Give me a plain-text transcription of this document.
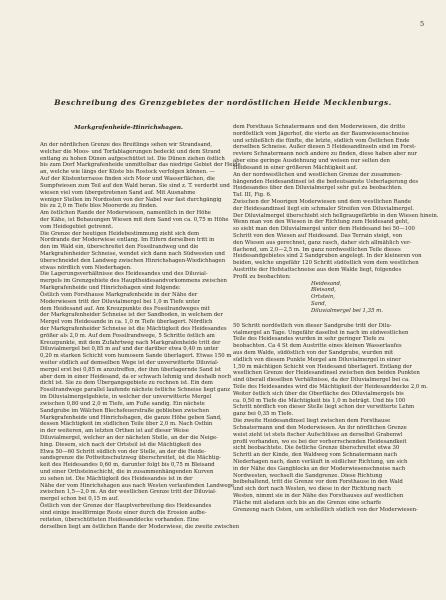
5
Beschreibung des Grenzgebietes der nordöstlichen Heide Mecklenburgs.
Markgrafenheide-Hinrichshagen.
An der nördlichen Grenze des Breitlings sehen wir Strandsand,
welcher die Moos- und Torfablagerungen bedeckt und dem Strand
entlang zu hohen Dünen aufgeschüttet ist. Die Dünen ziehen östlich
bis zum Dorf Markgrafenheide unmittelbar das niedrige Gebiet der Heide
an, welche wie längs der Küste bis Rostock verfolgen können. —
Auf der Küstenterrasse finden sich Moor und Wasserflächen, die
Sumpfwiesen zum Teil auf den Wald heran. Sie sind z. T. verderbt und
wiesen viel vom übergetretenen Sand auf. Mit Ausnahme
weniger Stellen im Nordosten von der Nabel war fast durchgängig
bis zu 2,0 m Tiefe blos Moorerde zu finden.
Am östlichen Rande der Moderwiesen, namentlich in der Höhe
der Kähe, ist Bebauungen Wiesen mit dem Sand von ca. 0,75 m Höhe
vom Heidegebiet getrennt.
Die Grenze der heutigen Heidebestimmung zieht sich dem
Nordrande der Moderwiese entlang. Im Eifern derselben tritt in
den im Wald ein, überschreitet den Fossilrandweg und die
Markgrafenheider Schneise, wendet sich dann nach Südwesten und
überschneidet den Landweg zwischen Hinrichshagen-Wiedichhagen
etwas nördlich vom Niederhagen.
Die Lagerungsverhältnisse des Heidesandes und des Diluvial-
mergels im Grenzgebiete des Hauptheidesandvorkommens zwischen
Markgrafenheide und Hinrichshagen sind folgende:
Östlich vom Forsthause Markgrafenheide in der Nähe der
Moderwiesen tritt der Diluvialmergel bei 1,0 m Tiefe unter
dem Heidesand auf. Am Kreuzpunkte des Fossilrandweges mit
der Markgrafenheider Schneise ist der Sandboden, in welchem der
Mergel vom Heidesande in ca. 1,0 m Tiefe überlagert. Nördlich
der Markgrafenheider Schneise ist die Mächtigkeit des Heidesandes
größer als 2,0 m. Auf dem Fossilrandwege, 5 Schritte östlich am
Kreuzpunkte, mit dem Zufahrtweg nach Markgrafenheide tritt der
Diluvialmergel bei 0,85 m auf und der darüber etwa 0,40 m unter
0,20 m starken Schicht vom humosem Sande überlagert. Etwas 150 m
weiter südlich auf demselben Wege ist der unverwitterte Diluvial-
mergel erst bei 0,85 m anzutreffen, der ihm überlagernde Sand ist
aber dem in einer Heidesand, da er schwach lehmig und deshalb noch
dicht ist. Sie zu dem Übergangsgebiete zu rechnen ist. Ein dem
Fossilrandwege parallel laufende nächste östliche Schneise liegt ganz
im Diluvialmergelgebiete, in welcher der unverwitterte Mergel
zwischen 0,80 und 2,0 m Tiefe, am Fuße sandig. Ein nächste
Sandgrube im Wälchen Blechsfeuerstraße geblieben zwischen
Markgrafenheide und Hinrichshagen, die ganze Höhe geben Sand,
dessen Mächtigkeit im südlichen Teile über 2,0 m. Nach Osthin
in der weiteren, am letzten Orthen ist auf dieser Weise
Diluvialmergel, welcher an der nächsten Stelle, an der die Neige-
hing. Diesem, sich nach der Ortsteil ist die Mächtigkeit des
Etwa 50—60 Schritt südlich von der Stelle, an der die Heide-
sandsgrenze die Pottwitzschutzweg überschreitet, ist die Mächtig-
keit des Heidesandes 0,60 m, darunter folgt bis 0,75 m Bleisand
und einer Orthsteinschicht, die in zusammenhängenden Kurven
zu sehen ist. Die Mächtigkeit des Heidesandes ist in der
Nähe der vom Hinrichshagen aus nach Westen verlaufenden Landwege
zwischen 1,5—2,0 m. An der westlichen Grenze tritt der Diluvial-
mergel schon bei 0,15 m auf.
Östlich von der Grenze der Hauptverbreitung des Heidesandes
sind einige inselförmige Reste einer durch die Erosion aufbe-
reiteten, überschütteten Heidesanddecke vorhanden. Eine
derselben liegt am östlichen Rande der Moderwiese, die zweite zwischen
dem Forsthaus Schnatermann und den Moderwiesen, die dritte
nordöstlich vom Jägerhof, die vierte an der Baumwiesenschneise
und schließlich die fünfte, die letzte, südlich vom Östlichen Ende
derselben Schneise. Außer diesen 5 Heidesandinseln sind im Forst-
reviere Schnatermann noch andere zu finden, diese haben aber nur
aber eine geringe Ausdehnung und weisen nur selten den
Heidesand in einer größeren Mächtigkeit auf.
An der nordwestlichen und westlichen Grenze der zusammen-
hängenden Heidesandinsel ist die bedeutsamste Ueberlagerung des
Heidesandes über den Diluvialmergel sehr gut zu beobachten.
Taf. III, Fig. 6.
Zwischen der Moorigen Moderwiesen und dem westlichen Rande
der Heidesandinsel liegt ein schmaler Streifen von Diluvialmergel.
Der Diluvialmergel überschiebt sich hellgraugefärbte in den Wiesen hinein.
Wenn man von den Wiesen in der Richtung zum Heidesand geht,
so sieht man den Diluvialmergel unter dem Heidesand bei 50—100
Schritt von den Wiesen auf Heidesand. Das Terrain steigt, von
den Wiesen aus gerechnet, ganz rasch, daher sich allmählich ver-
flachend, um 2,0—2,5 m. Im ganz nordwestlichen Teile dieses
Heidesandgebietes sind 2 Sandgruben angelegt. In der kleineren von
beiden, welche ungefähr 120 Schritt südöstlich vom dem westlichen
Austritte der Hofstattschneise aus dem Walde liegt, folgendes
Profil zu beobachten:
Heidesand,
Bleisand,
Ortstein,
Sand,
Diluvialmergel bei 1,35 m.
50 Schritt nordöstlich von dieser Sandgrube tritt der Dilu-
vialmergel an Tage. Ungefähr daselbst in nach im südwestlichen
Teile des Heidesandes wurden in sehr geringer Tiefe zu
beobachten. Ca 4 St dem Austritte eines kleinen Wasserlaufes
aus dem Walde, südöstlich von der Sandgrube, wurden mit
südlich von diesem Punkte Mergel am Diluvialmergel in einer
1,50 m mächtigen Schicht von Heidesand überlagert. Entlang der
westlichen Grenze der Heidesandinsel zwischen den beiden Punkten
sind überall dieselben Verhältnisse, da der Diluvialmergel bei ca.
Teile des Heidesandes wird die Mächtigkeit der Heidesanddecke 2,0 m.
Weiter östlich sich über die Oberfläche des Diluvialmergels bis
ca. 0,50 m Tiefe die Mächtigkeit bis 1,0 m beträgt. Und bis 100
Schritt nördlich von dieser Stelle liegt schon der verwitterte Lehm
ganz bei 0,35 m Tiefe.
Die zweite Heidesandinsel liegt zwischen dem Forsthause
Schnatermann und den Moderwiesen. An ihr nördlichen Grenze
weist zieht ist stets fischer Aufschlüsse an derselbst Grabenwl
profil vorhanden, wo es bei der vorherrschenden Heidesandkeit
sicht beobachtete. Die östliche Grenze überschreitet etwa 30
Schritt an der Kinde, den Waldweg vom Schnatermann nach
Niederhagen nach, dann verläuft in südlicher Richtung, um sich
in der Nähe des Gangblocks an der Moderwiesenschneise nach
Nordwesten, wechselt die Sandgrenze. Diese Richtung
beibehaltend, tritt die Grenze vor dem Forsthause in den Wald
und sich dort nach Westen, wo diese in der Richtung nach
Westen, nimmt sie in der Nähe des Forsthauses auf westlichen
Fläche mit alsdann sich bis an die Grenze eine scharfe
Grenzeng nach Osten, um schließlich südlich von der Moderwiesen-
